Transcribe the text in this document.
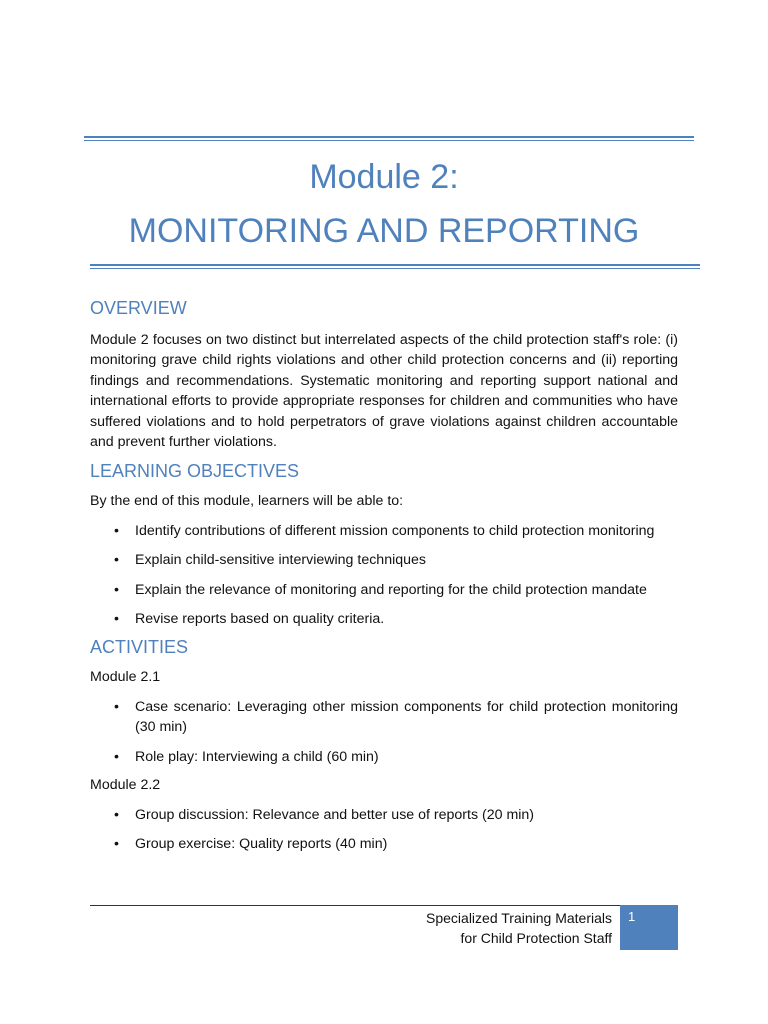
Module 2:
MONITORING AND REPORTING
OVERVIEW

Module 2 focuses on two distinct but interrelated aspects of the child protection staff's role: (i) monitoring grave child rights violations and other child protection concerns and (ii) reporting findings and recommendations. Systematic monitoring and reporting support national and international efforts to provide appropriate responses for children and communities who have suffered violations and to hold perpetrators of grave violations against children accountable and prevent further violations.

LEARNING OBJECTIVES

By the end of this module, learners will be able to:

• Identify contributions of different mission components to child protection monitoring
• Explain child-sensitive interviewing techniques
• Explain the relevance of monitoring and reporting for the child protection mandate
• Revise reports based on quality criteria.
ACTIVITIES

Module 2.1

• Case scenario: Leveraging other mission components for child protection monitoring (30 min)
• Role play: Interviewing a child (60 min)

Module 2.2

• Group discussion: Relevance and better use of reports (20 min)
• Group exercise: Quality reports (40 min)
Specialized Training Materials
for Child Protection Staff
1
